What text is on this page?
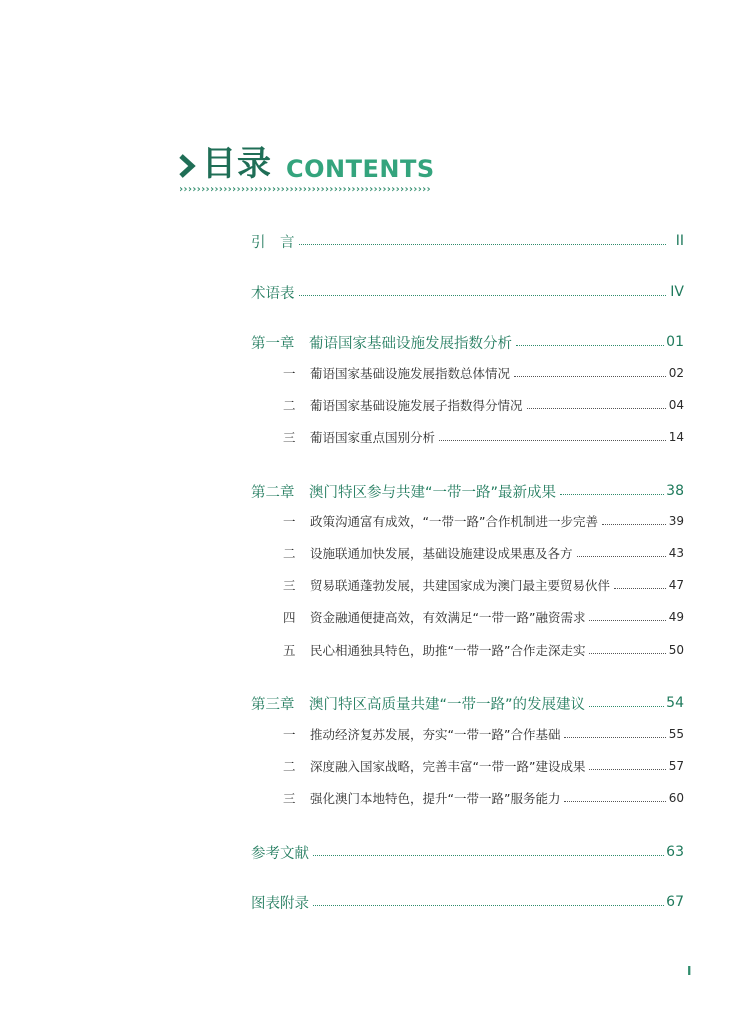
目录 CONTENTS
›››››››››››››››››››››››››››››››››››››››››››››››››››››››››
引　言	II
术语表	IV
第一章　葡语国家基础设施发展指数分析	01
一	葡语国家基础设施发展指数总体情况	02
二	葡语国家基础设施发展子指数得分情况	04
三	葡语国家重点国别分析	14
第二章　澳门特区参与共建“一带一路”最新成果	38
一	政策沟通富有成效，“一带一路”合作机制进一步完善	39
二	设施联通加快发展，基础设施建设成果惠及各方	43
三	贸易联通蓬勃发展，共建国家成为澳门最主要贸易伙伴	47
四	资金融通便捷高效，有效满足“一带一路”融资需求	49
五	民心相通独具特色，助推“一带一路”合作走深走实	50
第三章　澳门特区高质量共建“一带一路”的发展建议	54
一	推动经济复苏发展，夯实“一带一路”合作基础	55
二	深度融入国家战略，完善丰富“一带一路”建设成果	57
三	强化澳门本地特色，提升“一带一路”服务能力	60
参考文献	63
图表附录	67
I
